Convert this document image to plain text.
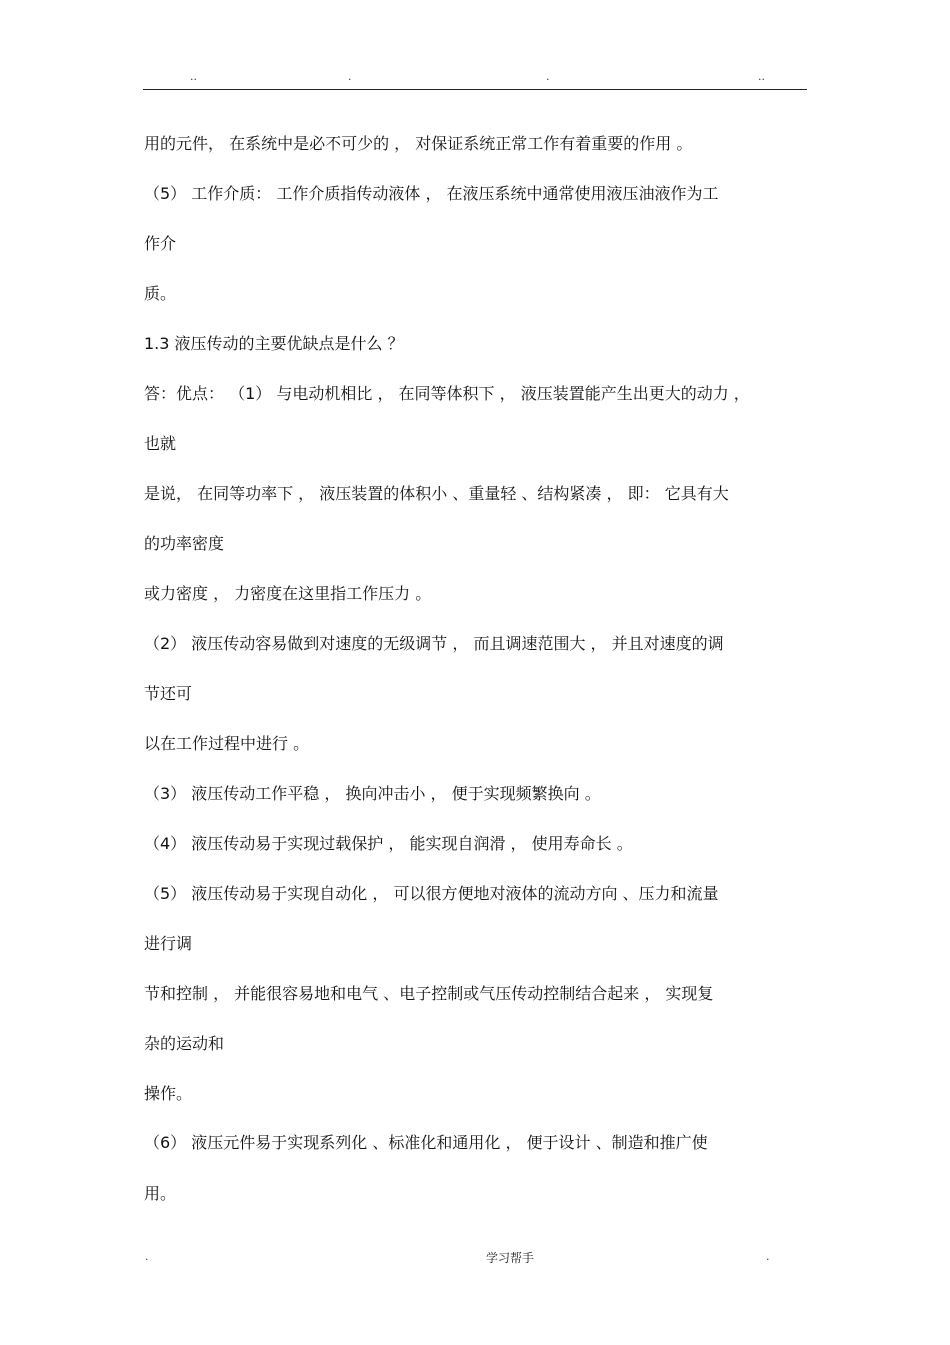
..	.	.	..
用的元件， 在系统中是必不可少的 ， 对保证系统正常工作有着重要的作用 。
（5） 工作介质： 工作介质指传动液体 ， 在液压系统中通常使用液压油液作为工
作介
质。
1.3 液压传动的主要优缺点是什么 ？
答：优点： （1） 与电动机相比 ， 在同等体积下 ， 液压装置能产生出更大的动力 ，
也就
是说， 在同等功率下 ， 液压装置的体积小 、重量轻 、结构紧凑 ， 即： 它具有大
的功率密度
或力密度 ， 力密度在这里指工作压力 。
（2） 液压传动容易做到对速度的无级调节 ， 而且调速范围大 ， 并且对速度的调
节还可
以在工作过程中进行 。
（3） 液压传动工作平稳 ， 换向冲击小 ， 便于实现频繁换向 。
（4） 液压传动易于实现过载保护 ， 能实现自润滑 ， 使用寿命长 。
（5） 液压传动易于实现自动化 ， 可以很方便地对液体的流动方向 、压力和流量
进行调
节和控制 ， 并能很容易地和电气 、电子控制或气压传动控制结合起来 ， 实现复
杂的运动和
操作。
（6） 液压元件易于实现系列化 、标准化和通用化 ， 便于设计 、制造和推广使
用。
.	学习帮手	.
